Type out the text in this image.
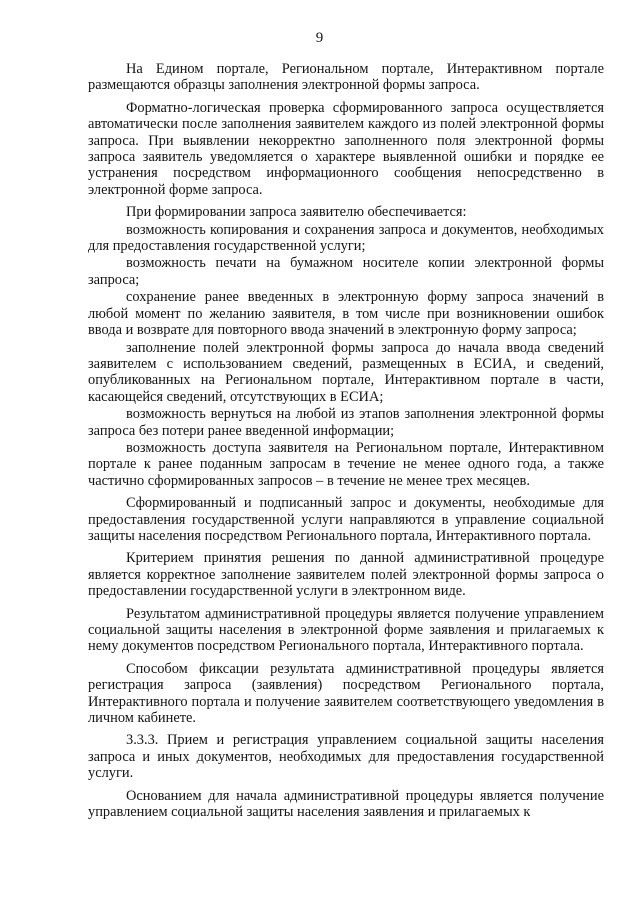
9

На Едином портале, Региональном портале, Интерактивном портале размещаются образцы заполнения электронной формы запроса.

Форматно-логическая проверка сформированного запроса осуществляется автоматически после заполнения заявителем каждого из полей электронной формы запроса. При выявлении некорректно заполненного поля электронной формы запроса заявитель уведомляется о характере выявленной ошибки и порядке ее устранения посредством информационного сообщения непосредственно в электронной форме запроса.

При формировании запроса заявителю обеспечивается:

возможность копирования и сохранения запроса и документов, необходимых для предоставления государственной услуги;

возможность печати на бумажном носителе копии электронной формы запроса;

сохранение ранее введенных в электронную форму запроса значений в любой момент по желанию заявителя, в том числе при возникновении ошибок ввода и возврате для повторного ввода значений в электронную форму запроса;

заполнение полей электронной формы запроса до начала ввода сведений заявителем с использованием сведений, размещенных в ЕСИА, и сведений, опубликованных на Региональном портале, Интерактивном портале в части, касающейся сведений, отсутствующих в ЕСИА;

возможность вернуться на любой из этапов заполнения электронной формы запроса без потери ранее введенной информации;

возможность доступа заявителя на Региональном портале, Интерактивном портале к ранее поданным запросам в течение не менее одного года, а также частично сформированных запросов – в течение не менее трех месяцев.

Сформированный и подписанный запрос и документы, необходимые для предоставления государственной услуги направляются в управление социальной защиты населения посредством Регионального портала, Интерактивного портала.

Критерием принятия решения по данной административной процедуре является корректное заполнение заявителем полей электронной формы запроса о предоставлении государственной услуги в электронном виде.

Результатом административной процедуры является получение управлением социальной защиты населения в электронной форме заявления и прилагаемых к нему документов посредством Регионального портала, Интерактивного портала.

Способом фиксации результата административной процедуры является регистрация запроса (заявления) посредством Регионального портала, Интерактивного портала и получение заявителем соответствующего уведомления в личном кабинете.

3.3.3. Прием и регистрация управлением социальной защиты населения запроса и иных документов, необходимых для предоставления государственной услуги.

Основанием для начала административной процедуры является получение управлением социальной защиты населения заявления и прилагаемых к
